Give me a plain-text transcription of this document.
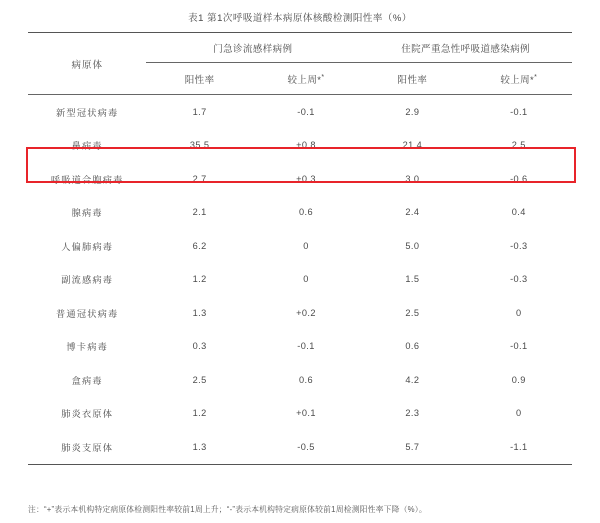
表1 第1次呼吸道样本病原体核酸检测阳性率（%）
病原体	门急诊流感样病例		住院严重急性呼吸道感染病例	
	阳性率	较上周**	阳性率	较上周**
新型冠状病毒	1.7	-0.1	2.9	-0.1
鼻病毒	35.5	+0.8	21.4	2.5
呼吸道合胞病毒	2.7	+0.3	3.0	-0.6
腺病毒	2.1	0.6	2.4	0.4
人偏肺病毒	6.2	0	5.0	-0.3
副流感病毒	1.2	0	1.5	-0.3
普通冠状病毒	1.3	+0.2	2.5	0
博卡病毒	0.3	-0.1	0.6	-0.1
盒病毒	2.5	0.6	4.2	0.9
肺炎衣原体	1.2	+0.1	2.3	0
肺炎支原体	1.3	-0.5	5.7	-1.1
注：“+”表示本机构特定病原体检测阳性率较前1周上升；“-”表示本机构特定病原体较前1周检测阳性率下降（%）。
